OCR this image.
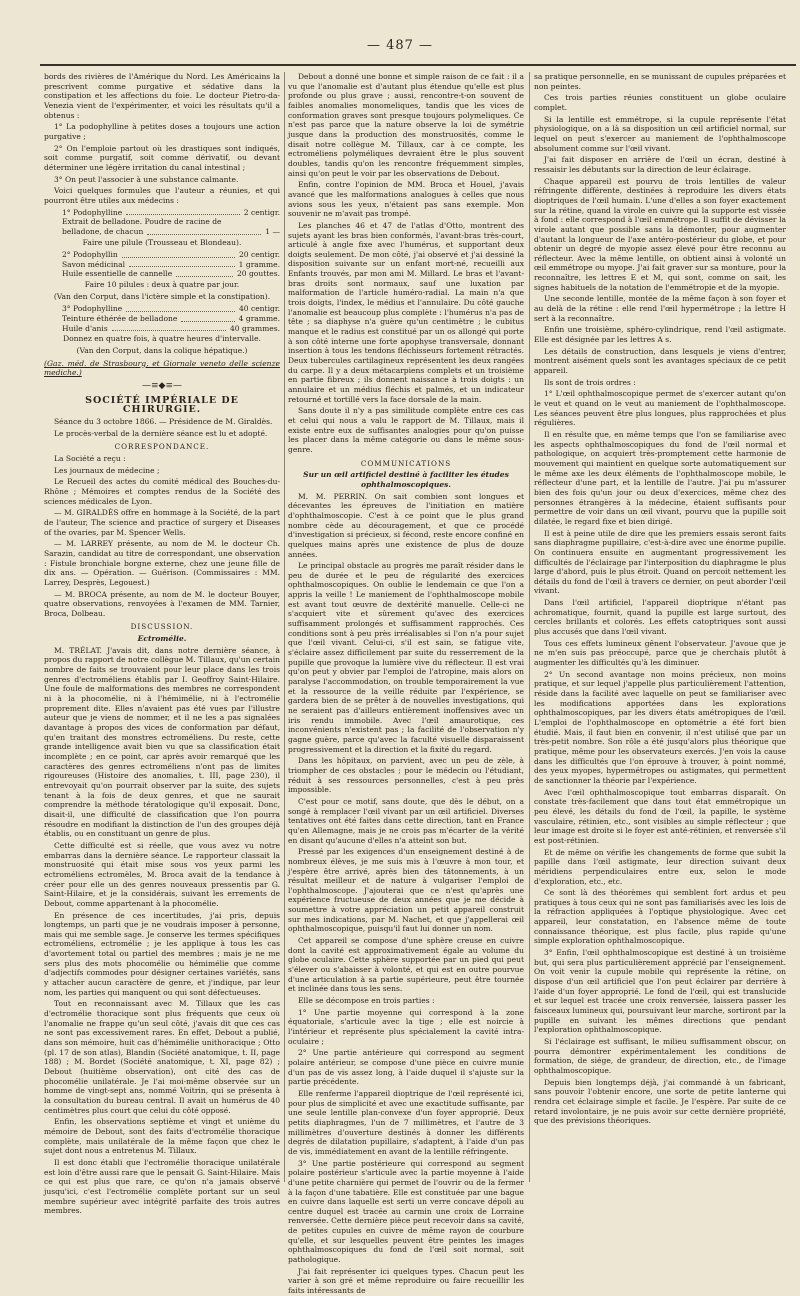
— 487 —

bords des rivières de l'Amérique du Nord. Les Américains la prescrivent comme purgative et sédative dans la constipation et les affections du foie. Le docteur Pietro-da-Venezia vient de l'expérimenter, et voici les résultats qu'il a obtenus :

1° La podophylline à petites doses a toujours une action purgative ;

2° On l'emploie partout où les drastiques sont indiqués, soit comme purgatif, soit comme dérivatif, ou devant déterminer une légère irritation du canal intestinal ;

3° On peut l'associer à une substance calmante.

Voici quelques formules que l'auteur a réunies, et qui pourront être utiles aux médecins :

1° Podophylline	2 centigr.
Extrait de belladone. Poudre de racine de
belladone, de chacun	1 —
Faire une pilule (Trousseau et Blondeau).
2° Podophyllin	20 centigr.
Savon médicinal	1 gramme.
Huile essentielle de cannelle	20 gouttes.
Faire 10 pilules : deux à quatre par jour.
(Van den Corput, dans l'ictère simple et la constipation).
3° Podophylline	40 centigr.
Teinture éthérée de belladone	4 gramme.
Huile d'anis	40 grammes.
Donnez en quatre fois, à quatre heures d'intervalle.
(Van den Corput, dans la colique hépatique.)

(Gaz. méd. de Strasbourg, et Giornale veneto delle scienze mediche.)

—≡◆≡—
SOCIÉTÉ IMPÉRIALE DE CHIRURGIE.

Séance du 3 octobre 1866. — Présidence de M. Giraldès.

Le procès-verbal de la dernière séance est lu et adopté.

CORRESPONDANCE.

La Société a reçu :

Les journaux de médecine ;

Le Recueil des actes du comité médical des Bouches-du-Rhône ; Mémoires et comptes rendus de la Société des sciences médicales de Lyon.

— M. GIRALDÈS offre en hommage à la Société, de la part de l'auteur, The science and practice of surgery et Diseases of the ovaries, par M. Spencer Wells.

— M. LARREY présente, au nom de M. le docteur Ch. Sarazin, candidat au titre de correspondant, une observation : Fistule bronchiale borgne externe, chez une jeune fille de dix ans. — Opération. — Guérison. (Commissaires : MM. Larrey, Desprès, Legouest.)

— M. BROCA présente, au nom de M. le docteur Bouyer, quatre observations, renvoyées à l'examen de MM. Tarnier, Broca, Dolbeau.

DISCUSSION.
Ectromélie.

M. TRÉLAT. J'avais dit, dans notre dernière séance, à propos du rapport de notre collègue M. Tillaux, qu'un certain nombre de faits se trouvaient pour leur place dans les trois genres d'ectroméliens établis par I. Geoffroy Saint-Hilaire. Une foule de malformations des membres ne correspondent ni à la phocomélie, ni à l'hémimélie, ni à l'ectromélie proprement dite. Elles n'avaient pas été vues par l'illustre auteur que je viens de nommer, et il ne les a pas signalées davantage à propos des vices de conformation par défaut, qu'en traitant des monstres ectroméliens. Du reste, cette grande intelligence avait bien vu que sa classification était incomplète ; en ce point, car après avoir remarqué que les caractères des genres ectroméliens n'ont pas de limites rigoureuses (Histoire des anomalies, t. III, page 230), il entrevoyait qu'on pourrait observer par la suite, des sujets tenant à la fois de deux genres, et que ne saurait comprendre la méthode tératologique qu'il exposait. Donc, disait-il, une difficulté de classification que l'on pourra résoudre en modifiant la distinction de l'un des groupes déjà établis, ou en constituant un genre de plus.

Cette difficulté est si réelle, que vous avez vu notre embarras dans la dernière séance. Le rapporteur classait la monstruosité qui était mise sous vos yeux parmi les ectroméliens ectromèles, M. Broca avait de la tendance à créer pour elle un des genres nouveaux pressentis par G. Saint-Hilaire, et je la considérais, suivant les errements de Debout, comme appartenant à la phocomélie.

En présence de ces incertitudes, j'ai pris, depuis longtemps, un parti que je ne voudrais imposer à personne, mais qui me semble sage. Je conserve les termes spécifiques ectroméliens, ectromélie ; je les applique à tous les cas d'avortement total ou partiel des membres ; mais je ne me sers plus des mots phocomélie ou hémimélie que comme d'adjectifs commodes pour désigner certaines variétés, sans y attacher aucun caractère de genre, et j'indique, par leur nom, les parties qui manquent ou qui sont défectueuses.

Tout en reconnaissant avec M. Tillaux que les cas d'ectromélie thoracique sont plus fréquents que ceux où l'anomalie ne frappe qu'un seul côté, j'avais dit que ces cas ne sont pas excessivement rares. En effet, Debout a publié, dans son mémoire, huit cas d'hémimélie unithoracique ; Otto (pl. 17 de son atlas), Blandin (Société anatomique, t. II, page 188) ; M. Bordet (Société anatomique, t. XI, page 82) ; Debout (huitième observation), ont cité des cas de phocomélie unilatérale. Je l'ai moi-même observée sur un homme de vingt-sept ans, nommé Voitrin, qui se présenta à la consultation du bureau central. Il avait un humérus de 40 centimètres plus court que celui du côté opposé.

Enfin, les observations septième et vingt et unième du mémoire de Debout, sont des faits d'ectromélie thoracique complète, mais unilatérale de la même façon que chez le sujet dont nous a entretenus M. Tillaux.

Il est donc établi que l'ectromélie thoracique unilatérale est loin d'être aussi rare que le pensait G. Saint-Hilaire. Mais ce qui est plus que rare, ce qu'on n'a jamais observé jusqu'ici, c'est l'ectromélie complète portant sur un seul membre supérieur avec intégrité parfaite des trois autres membres.

Debout a donné une bonne et simple raison de ce fait : il a vu que l'anomalie est d'autant plus étendue qu'elle est plus profonde ou plus grave ; aussi, rencontre-t-on souvent de faibles anomalies monomeliques, tandis que les vices de conformation graves sont presque toujours polymeliques. Ce n'est pas parce que la nature observe la loi de symétrie jusque dans la production des monstruosités, comme le disait notre collègue M. Tillaux, car à ce compte, les ectroméliens polyméliques devraient être le plus souvent doubles, tandis qu'on les rencontre fréquemment simples, ainsi qu'on peut le voir par les observations de Debout.

Enfin, contre l'opinion de MM. Broca et Houel, j'avais avancé que les malformations analogues à celles que nous avions sous les yeux, n'étaient pas sans exemple. Mon souvenir ne m'avait pas trompé.

Les planches 46 et 47 de l'atlas d'Otto, montrent des sujets ayant les bras bien conformés, l'avant-bras très-court, articulé à angle fixe avec l'humérus, et supportant deux doigts seulement. De mon côté, j'ai observé et j'ai dessiné la disposition suivante sur un enfant mort-né, recueilli aux Enfants trouvés, par mon ami M. Millard. Le bras et l'avant-bras droits sont normaux, sauf une luxation par malformation de l'article huméro-radial. La main n'a que trois doigts, l'index, le médius et l'annulaire. Du côté gauche l'anomalie est beaucoup plus complète : l'humérus n'a pas de tête ; sa diaphyse n'a guère qu'un centimètre ; le cubitus manque et le radius est constitué par un os allongé qui porte à son côté interne une forte apophyse transversale, donnant insertion à tous les tendons fléchisseurs fortement rétractés. Deux tubercules cartilagineux représentent les deux rangées du carpe. Il y a deux métacarpiens complets et un troisième en partie fibreux ; ils donnent naissance à trois doigts : un annulaire et un médius fléchis et palmés, et un indicateur retourné et tortillé vers la face dorsale de la main.

Sans doute il n'y a pas similitude complète entre ces cas et celui qui nous a valu le rapport de M. Tillaux, mais il existe entre eux de suffisantes analogies pour qu'on puisse les placer dans la même catégorie ou dans le même sous-genre.

COMMUNICATIONS
Sur un œil artificiel destiné à faciliter les études ophthalmoscopiques.

M. M. PERRIN. On sait combien sont longues et décevantes les épreuves de l'initiation en matière d'ophthalmoscopie. C'est à ce point que le plus grand nombre cède au découragement, et que ce procédé d'investigation si précieux, si fécond, reste encore confiné en quelques mains après une existence de plus de douze années.

Le principal obstacle au progrès me paraît résider dans le peu de durée et le peu de régularité des exercices ophthalmoscopiques. On oublie le lendemain ce que l'on a appris la veille ! Le maniement de l'ophthalmoscope mobile est avant tout œuvre de dextérité manuelle. Celle-ci ne s'acquiert vite et sûrement qu'avec des exercices suffisamment prolongés et suffisamment rapprochés. Ces conditions sont à peu près irréalisables si l'on n'a pour sujet que l'œil vivant. Celui-ci, s'il est sain, se fatigue vite, s'éclaire assez difficilement par suite du resserrement de la pupille que provoque la lumière vive du réflecteur. Il est vrai qu'on peut y obvier par l'emploi de l'atropine, mais alors on paralyse l'accommodation, on trouble temporairement la vue et la ressource de la veille réduite par l'expérience, se gardera bien de se prêter à de nouvelles investigations, qui ne seraient pas d'ailleurs entièrement inoffensives avec un iris rendu immobile. Avec l'œil amaurotique, ces inconvénients n'existent pas ; la facilité de l'observation n'y gagne guère, parce qu'avec la faculté visuelle disparaissent progressivement et la direction et la fixité du regard.

Dans les hôpitaux, on parvient, avec un peu de zèle, à triompher de ces obstacles ; pour le médecin ou l'étudiant, réduit à ses ressources personnelles, c'est à peu près impossible.

C'est pour ce motif, sans doute, que dès le début, on a songé à remplacer l'œil vivant par un œil artificiel. Diverses tentatives ont été faites dans cette direction, tant en France qu'en Allemagne, mais je ne crois pas m'écarter de la vérité en disant qu'aucune d'elles n'a atteint son but.

Pressé par les exigences d'un enseignement destiné à de nombreux élèves, je me suis mis à l'œuvre à mon tour, et j'espère être arrivé, après bien des tâtonnements, à un résultat meilleur et de nature à vulgariser l'emploi de l'ophthalmoscope. J'ajouterai que ce n'est qu'après une expérience fructueuse de deux années que je me décide à soumettre à votre appréciation un petit appareil construit sur mes indications, par M. Nachet, et que j'appellerai œil ophthalmoscopique, puisqu'il faut lui donner un nom.

Cet appareil se compose d'une sphère creuse en cuivre dont la cavité est approximativement égale au volume du globe oculaire. Cette sphère supportée par un pied qui peut s'élever ou s'abaisser à volonté, et qui est en outre pourvue d'une articulation à sa partie supérieure, peut être tournée et inclinée dans tous les sens.

Elle se décompose en trois parties :

1° Une partie moyenne qui correspond à la zone équatoriale, s'articule avec la tige ; elle est noircie à l'intérieur et représente plus spécialement la cavité intra-oculaire ;

2° Une partie antérieure qui correspond au segment polaire antérieur, se compose d'une pièce en cuivre munie d'un pas de vis assez long, à l'aide duquel il s'ajuste sur la partie précédente.

Elle renferme l'appareil dioptrique de l'œil représenté ici, pour plus de simplicité et avec une exactitude suffisante, par une seule lentille plan-convexe d'un foyer approprié. Deux petits diaphragmes, l'un de 7 millimètres, et l'autre de 3 millimètres d'ouverture destinés à donner les différents degrés de dilatation pupillaire, s'adaptent, à l'aide d'un pas de vis, immédiatement en avant de la lentille réfringente.

3° Une partie postérieure qui correspond au segment polaire postérieur s'articule avec la partie moyenne à l'aide d'une petite charnière qui permet de l'ouvrir ou de la fermer à la façon d'une tabatière. Elle est constituée par une bague en cuivre dans laquelle est serti un verre concave dépoli au centre duquel est tracée au carmin une croix de Lorraine renversée. Cette dernière pièce peut recevoir dans sa cavité, de petites cupules en cuivre de même rayon de courbure qu'elle, et sur lesquelles peuvent être peintes les images ophthalmoscopiques du fond de l'œil soit normal, soit pathologique.

J'ai fait représenter ici quelques types. Chacun peut les varier à son gré et même reproduire ou faire recueillir les faits intéressants de

sa pratique personnelle, en se munissant de cupules préparées et non peintes.

Ces trois parties réunies constituent un globe oculaire complet.

Si la lentille est emmétrope, si la cupule représente l'état physiologique, on a là sa disposition un œil artificiel normal, sur lequel on peut s'exercer au maniement de l'ophthalmoscope absolument comme sur l'œil vivant.

J'ai fait disposer en arrière de l'œil un écran, destiné à ressaisir les débutants sur la direction de leur éclairage.

Chaque appareil est pourvu de trois lentilles de valeur réfringente différente, destinées à reproduire les divers états dioptriques de l'œil humain. L'une d'elles a son foyer exactement sur la rétine, quand la virole en cuivre qui la supporte est vissée à fond : elle correspond à l'œil emmétrope. Il suffit de dévisser la virole autant que possible sans la démonter, pour augmenter d'autant la longueur de l'axe antéro-postérieur du globe, et pour obtenir un degré de myopie assez élevé pour être reconnu au réflecteur. Avec la même lentille, on obtient ainsi à volonté un œil emmétrope ou myope. J'ai fait graver sur sa monture, pour la reconnaître, les lettres E et M, qui sont, comme on sait, les signes habituels de la notation de l'emmétropie et de la myopie.

Une seconde lentille, montée de la même façon à son foyer et au delà de la rétine : elle rend l'œil hypermétrope ; la lettre H sert à la reconnaître.

Enfin une troisième, sphéro-cylindrique, rend l'œil astigmate. Elle est désignée par les lettres A s.

Les détails de construction, dans lesquels je viens d'entrer, montrent aisément quels sont les avantages spéciaux de ce petit appareil.

Ils sont de trois ordres :

1° L'œil ophthalmoscopique permet de s'exercer autant qu'on le veut et quand on le veut au maniement de l'ophthalmoscope. Les séances peuvent être plus longues, plus rapprochées et plus régulières.

Il en résulte que, en même temps que l'on se familiarise avec les aspects ophthalmoscopiques du fond de l'œil normal et pathologique, on acquiert très-promptement cette harmonie de mouvement qui maintient en quelque sorte automatiquement sur le même axe les deux éléments de l'ophthalmoscope mobile, le réflecteur d'une part, et la lentille de l'autre. J'ai pu m'assurer bien des fois qu'un jour ou deux d'exercices, même chez des personnes étrangères à la médecine, étaient suffisants pour permettre de voir dans un œil vivant, pourvu que la pupille soit dilatée, le regard fixe et bien dirigé.

Il est à peine utile de dire que les premiers essais seront faits sans diaphragme pupillaire, c'est-à-dire avec une énorme pupille. On continuera ensuite en augmentant progressivement les difficultés de l'éclairage par l'interposition du diaphragme le plus large d'abord, puis le plus étroit. Quand on percoit nettement les détails du fond de l'œil à travers ce dernier, on peut aborder l'œil vivant.

Dans l'œil artificiel, l'appareil dioptrique n'étant pas achromatique, fournit, quand la pupille est large surtout, des cercles brillants et colorés. Les effets catoptriques sont aussi plus accusés que dans l'œil vivant.

Tous ces effets lumineux gênent l'observateur. J'avoue que je ne m'en suis pas préoccupé, parce que je cherchais plutôt à augmenter les difficultés qu'à les diminuer.

2° Un second avantage non moins précieux, non moins pratique, et sur lequel j'appelle plus particulièrement l'attention, réside dans la facilité avec laquelle on peut se familiariser avec les modifications apportées dans les explorations ophthalmoscopiques, par les divers états amétropiques de l'œil. L'emploi de l'ophthalmoscope en optométrie a été fort bien étudié. Mais, il faut bien en convenir, il n'est utilisé que par un très-petit nombre. Son rôle a été jusqu'alors plus théorique que pratique, même pour les observateurs exercés. J'en vois la cause dans les difficultés que l'on éprouve à trouver, à point nommé, des yeux myopes, hypermétropes ou astigmates, qui permettent de sanctionner la théorie par l'expérience.

Avec l'œil ophthalmoscopique tout embarras disparaît. On constate très-facilement que dans tout état emmétropique un peu élevé, les détails du fond de l'œil, la papille, le système vasculaire, rétinien, etc., sont visibles au simple réflecteur ; que leur image est droite si le foyer est anté-rétinien, et renversée s'il est post-rétinien.

Et de même on vérifie les changements de forme que subit la papille dans l'œil astigmate, leur direction suivant deux méridiens perpendiculaires entre eux, selon le mode d'exploration, etc., etc.

Ce sont là des théorèmes qui semblent fort ardus et peu pratiques à tous ceux qui ne sont pas familiarisés avec les lois de la réfraction appliquées à l'optique physiologique. Avec cet appareil, leur constatation, en l'absence même de toute connaissance théorique, est plus facile, plus rapide qu'une simple exploration ophthalmoscopique.

3° Enfin, l'œil ophthalmoscopique est destiné à un troisième but, qui sera plus particulièrement apprécié par l'enseignement. On voit venir la cupule mobile qui représente la rétine, on dispose d'un œil artificiel que l'on peut éclairer par derrière à l'aide d'un foyer approprié. Le fond de l'œil, qui est translucide et sur lequel est tracée une croix renversée, laissera passer les faisceaux lumineux qui, poursuivant leur marche, sortiront par la pupille en suivant les mêmes directions que pendant l'exploration ophthalmoscopique.

Si l'éclairage est suffisant, le milieu suffisamment obscur, on pourra démontrer expérimentalement les conditions de formation, de siége, de grandeur, de direction, etc., de l'image ophthalmoscopique.

Depuis bien longtemps déjà, j'ai commandé à un fabricant, sans pouvoir l'obtenir encore, une sorte de petite lanterne qui rendra cet éclairage simple et facile. Je l'espère. Par suite de ce retard involontaire, je ne puis avoir sur cette dernière propriété, que des prévisions théoriques.
